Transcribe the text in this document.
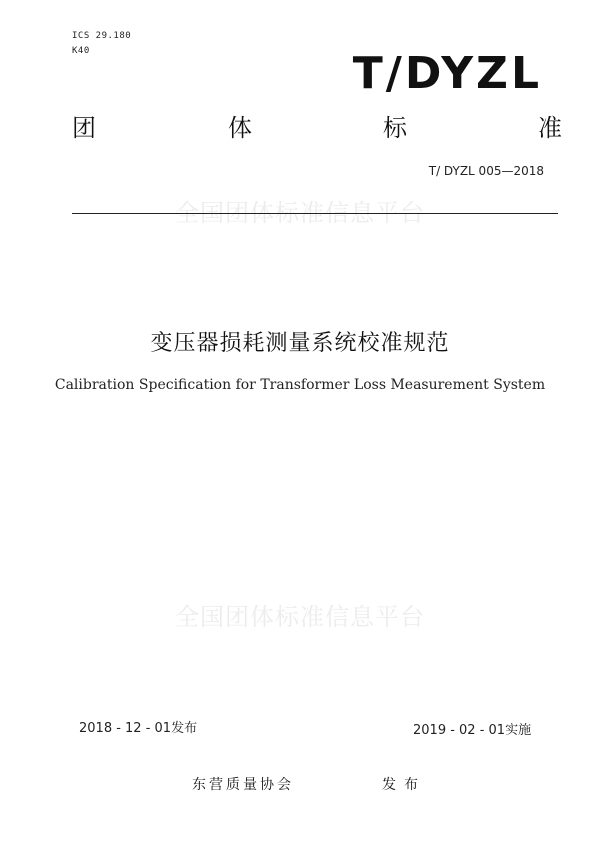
ICS 29.180
K40	T/DYZL
团	体	标	准
T/ DYZL 005—2018
全国团体标准信息平台
变压器损耗测量系统校准规范
Calibration Specification for Transformer Loss Measurement System
全国团体标准信息平台
2018 - 12 - 01发布	2019 - 02 - 01实施
东营质量协会	发布
